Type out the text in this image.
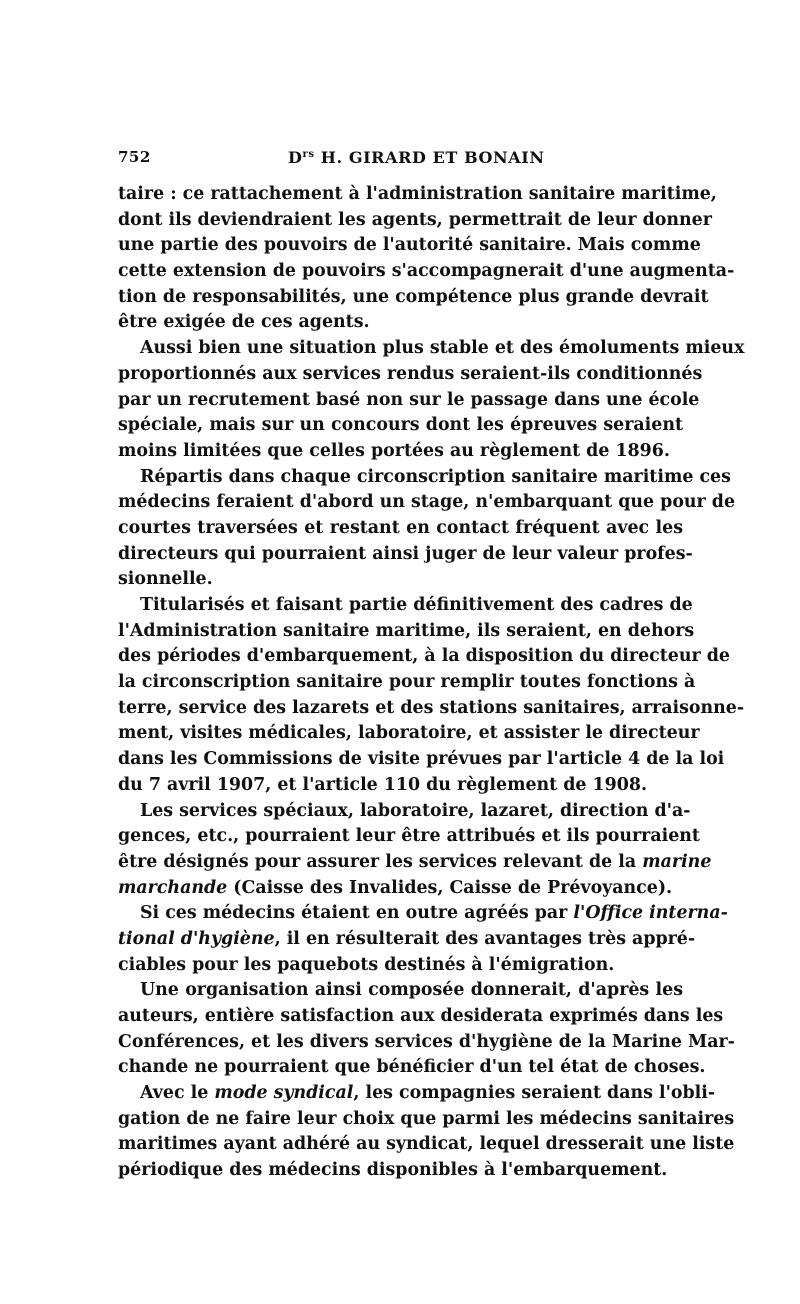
752	$D^{rs}$ H. GIRARD ET BONAIN
taire : ce rattachement à l'administration sanitaire maritime,
dont ils deviendraient les agents, permettrait de leur donner
une partie des pouvoirs de l'autorité sanitaire. Mais comme
cette extension de pouvoirs s'accompagnerait d'une augmenta-
tion de responsabilités, une compétence plus grande devrait
être exigée de ces agents.
Aussi bien une situation plus stable et des émoluments mieux
proportionnés aux services rendus seraient-ils conditionnés
par un recrutement basé non sur le passage dans une école
spéciale, mais sur un concours dont les épreuves seraient
moins limitées que celles portées au règlement de 1896.
Répartis dans chaque circonscription sanitaire maritime ces
médecins feraient d'abord un stage, n'embarquant que pour de
courtes traversées et restant en contact fréquent avec les
directeurs qui pourraient ainsi juger de leur valeur profes-
sionnelle.
Titularisés et faisant partie définitivement des cadres de
l'Administration sanitaire maritime, ils seraient, en dehors
des périodes d'embarquement, à la disposition du directeur de
la circonscription sanitaire pour remplir toutes fonctions à
terre, service des lazarets et des stations sanitaires, arraisonne-
ment, visites médicales, laboratoire, et assister le directeur
dans les Commissions de visite prévues par l'article 4 de la loi
du 7 avril 1907, et l'article 110 du règlement de 1908.
Les services spéciaux, laboratoire, lazaret, direction d'a-
gences, etc., pourraient leur être attribués et ils pourraient
être désignés pour assurer les services relevant de la marine
marchande (Caisse des Invalides, Caisse de Prévoyance).
Si ces médecins étaient en outre agréés par l'Office interna-
tional d'hygiène, il en résulterait des avantages très appré-
ciables pour les paquebots destinés à l'émigration.
Une organisation ainsi composée donnerait, d'après les
auteurs, entière satisfaction aux desiderata exprimés dans les
Conférences, et les divers services d'hygiène de la Marine Mar-
chande ne pourraient que bénéficier d'un tel état de choses.
Avec le mode syndical, les compagnies seraient dans l'obli-
gation de ne faire leur choix que parmi les médecins sanitaires
maritimes ayant adhéré au syndicat, lequel dresserait une liste
périodique des médecins disponibles à l'embarquement.
